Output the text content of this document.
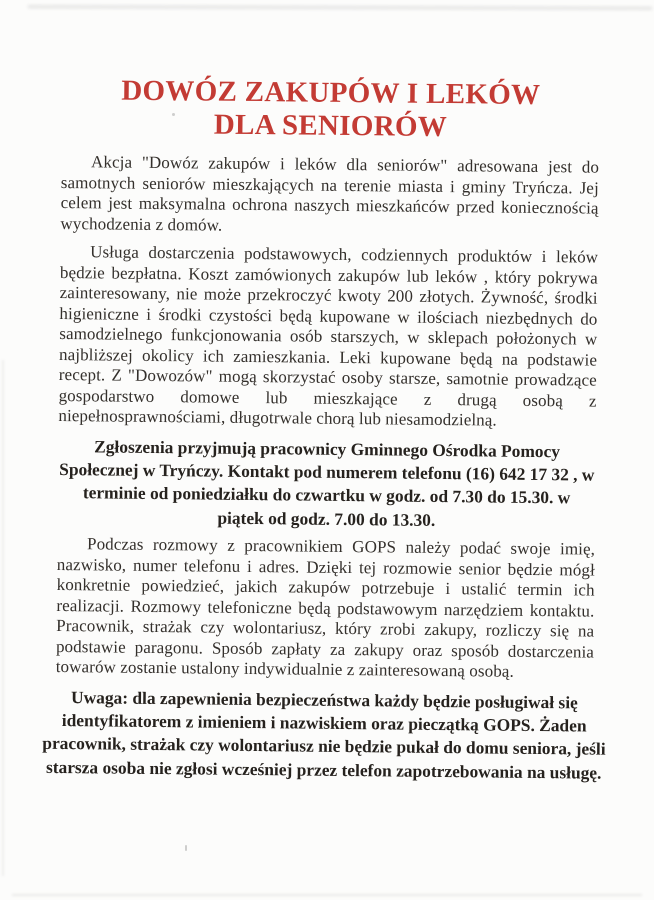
DOWÓZ ZAKUPÓW I LEKÓW DLA SENIORÓW

Akcja "Dowóz zakupów i leków dla seniorów" adresowana jest do samotnych seniorów mieszkających na terenie miasta i gminy Tryńcza. Jej celem jest maksymalna ochrona naszych mieszkańców przed koniecznością wychodzenia z domów.

Usługa dostarczenia podstawowych, codziennych produktów i leków będzie bezpłatna. Koszt zamówionych zakupów lub leków , który pokrywa zainteresowany, nie może przekroczyć kwoty 200 złotych. Żywność, środki higieniczne i środki czystości będą kupowane w ilościach niezbędnych do samodzielnego funkcjonowania osób starszych, w sklepach położonych w najbliższej okolicy ich zamieszkania. Leki kupowane będą na podstawie recept. Z "Dowozów" mogą skorzystać osoby starsze, samotnie prowadzące gospodarstwo domowe lub mieszkające z drugą osobą z niepełnosprawnościami, długotrwale chorą lub niesamodzielną.

Zgłoszenia przyjmują pracownicy Gminnego Ośrodka Pomocy Społecznej w Tryńczy. Kontakt pod numerem telefonu (16) 642 17 32 , w terminie od poniedziałku do czwartku w godz. od 7.30 do 15.30. w piątek od godz. 7.00 do 13.30.

Podczas rozmowy z pracownikiem GOPS należy podać swoje imię, nazwisko, numer telefonu i adres. Dzięki tej rozmowie senior będzie mógł konkretnie powiedzieć, jakich zakupów potrzebuje i ustalić termin ich realizacji. Rozmowy telefoniczne będą podstawowym narzędziem kontaktu. Pracownik, strażak czy wolontariusz, który zrobi zakupy, rozliczy się na podstawie paragonu. Sposób zapłaty za zakupy oraz sposób dostarczenia towarów zostanie ustalony indywidualnie z zainteresowaną osobą.

Uwaga: dla zapewnienia bezpieczeństwa każdy będzie posługiwał się identyfikatorem z imieniem i nazwiskiem oraz pieczątką GOPS. Żaden pracownik, strażak czy wolontariusz nie będzie pukał do domu seniora, jeśli starsza osoba nie zgłosi wcześniej przez telefon zapotrzebowania na usługę.
